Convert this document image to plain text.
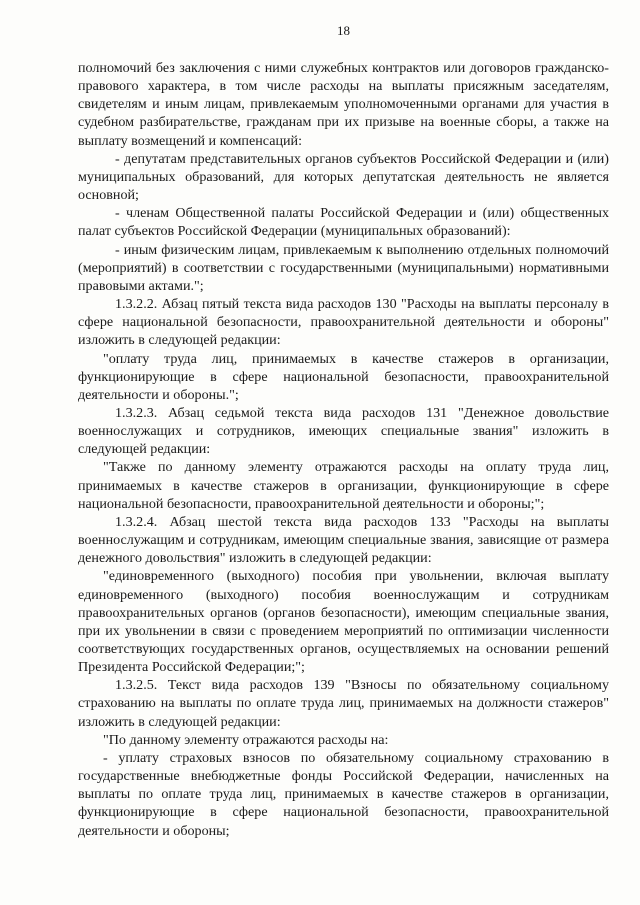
18

полномочий без заключения с ними служебных контрактов или договоров гражданско-правового характера, в том числе расходы на выплаты присяжным заседателям, свидетелям и иным лицам, привлекаемым уполномоченными органами для участия в судебном разбирательстве, гражданам при их призыве на военные сборы, а также на выплату возмещений и компенсаций:

- депутатам представительных органов субъектов Российской Федерации и (или) муниципальных образований, для которых депутатская деятельность не является основной;

- членам Общественной палаты Российской Федерации и (или) общественных палат субъектов Российской Федерации (муниципальных образований):

- иным физическим лицам, привлекаемым к выполнению отдельных полномочий (мероприятий) в соответствии с государственными (муниципальными) нормативными правовыми актами.";

1.3.2.2. Абзац пятый текста вида расходов 130 "Расходы на выплаты персоналу в сфере национальной безопасности, правоохранительной деятельности и обороны" изложить в следующей редакции:

"оплату труда лиц, принимаемых в качестве стажеров в организации, функционирующие в сфере национальной безопасности, правоохранительной деятельности и обороны.";

1.3.2.3. Абзац седьмой текста вида расходов 131 "Денежное довольствие военнослужащих и сотрудников, имеющих специальные звания" изложить в следующей редакции:

"Также по данному элементу отражаются расходы на оплату труда лиц, принимаемых в качестве стажеров в организации, функционирующие в сфере национальной безопасности, правоохранительной деятельности и обороны;";

1.3.2.4. Абзац шестой текста вида расходов 133 "Расходы на выплаты военнослужащим и сотрудникам, имеющим специальные звания, зависящие от размера денежного довольствия" изложить в следующей редакции:

"единовременного (выходного) пособия при увольнении, включая выплату единовременного (выходного) пособия военнослужащим и сотрудникам правоохранительных органов (органов безопасности), имеющим специальные звания, при их увольнении в связи с проведением мероприятий по оптимизации численности соответствующих государственных органов, осуществляемых на основании решений Президента Российской Федерации;";

1.3.2.5. Текст вида расходов 139 "Взносы по обязательному социальному страхованию на выплаты по оплате труда лиц, принимаемых на должности стажеров" изложить в следующей редакции:

"По данному элементу отражаются расходы на:

- уплату страховых взносов по обязательному социальному страхованию в государственные внебюджетные фонды Российской Федерации, начисленных на выплаты по оплате труда лиц, принимаемых в качестве стажеров в организации, функционирующие в сфере национальной безопасности, правоохранительной деятельности и обороны;
